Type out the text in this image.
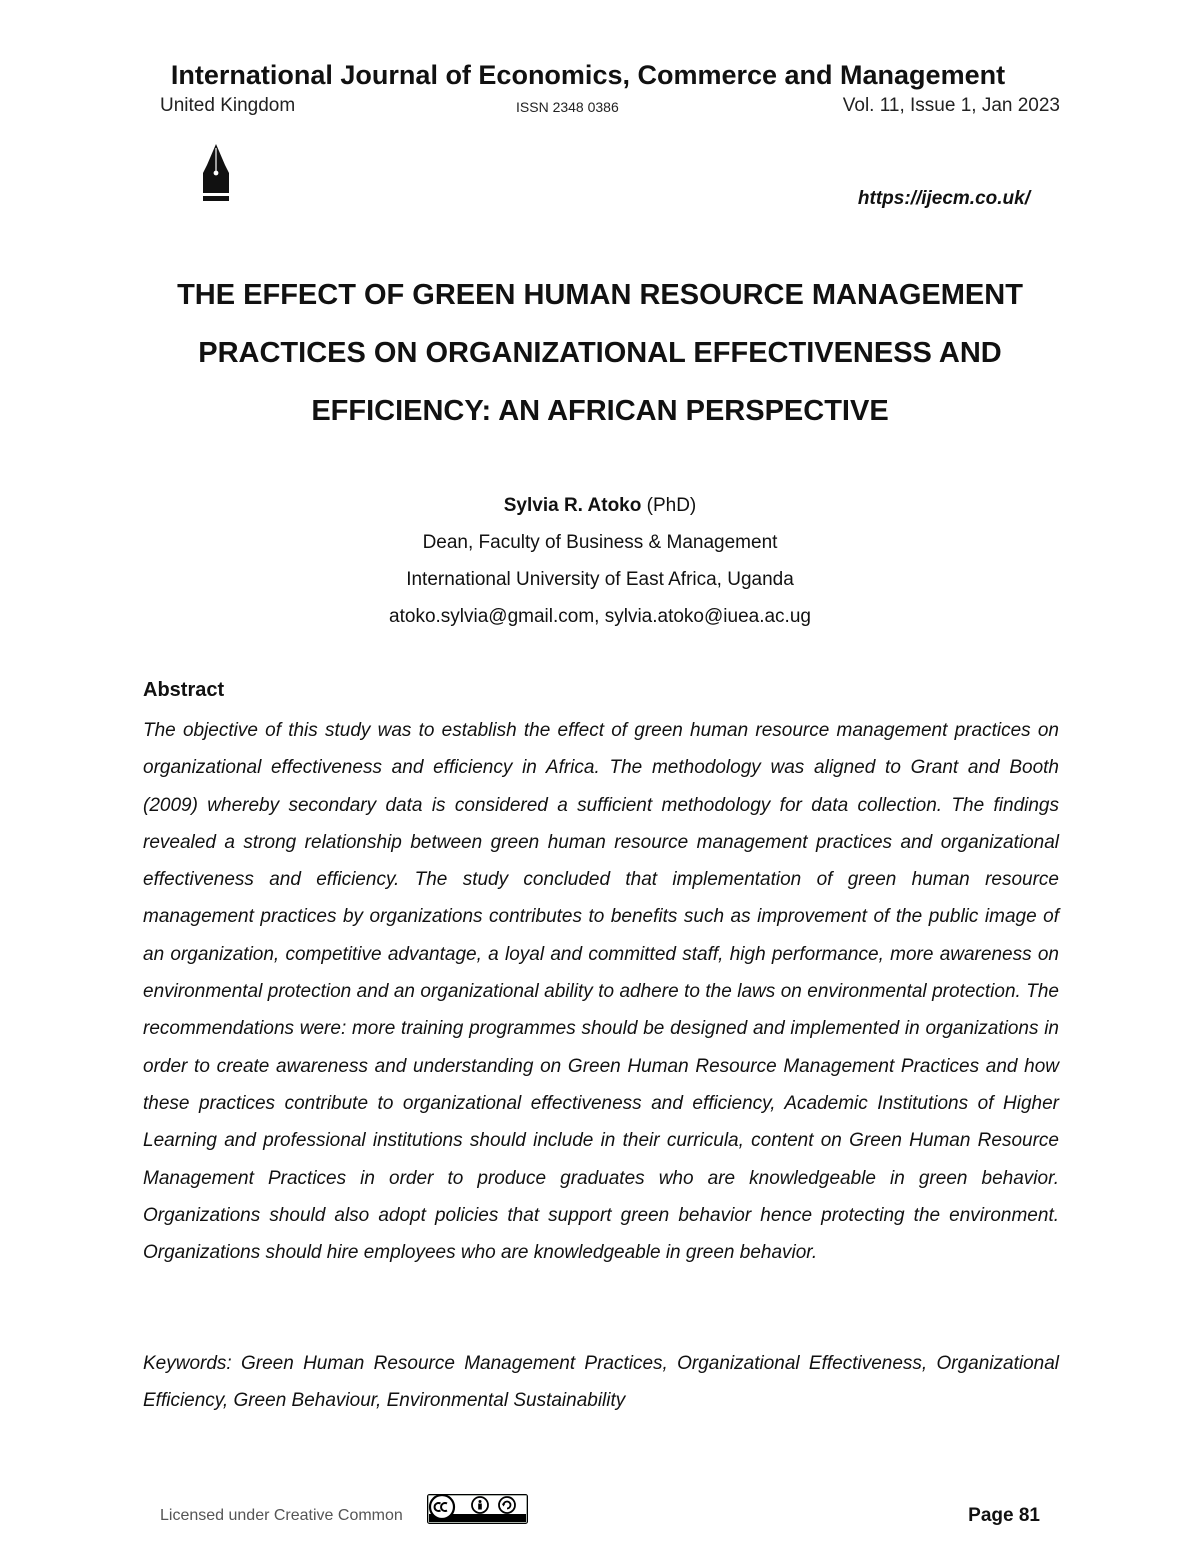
International Journal of Economics, Commerce and Management
United Kingdom	ISSN 2348 0386	Vol. 11, Issue 1, Jan 2023
https://ijecm.co.uk/
THE EFFECT OF GREEN HUMAN RESOURCE MANAGEMENT
PRACTICES ON ORGANIZATIONAL EFFECTIVENESS AND
EFFICIENCY: AN AFRICAN PERSPECTIVE
Sylvia R. Atoko (PhD)
Dean, Faculty of Business & Management
International University of East Africa, Uganda
atoko.sylvia@gmail.com, sylvia.atoko@iuea.ac.ug
Abstract
The objective of this study was to establish the effect of green human resource management practices on organizational effectiveness and efficiency in Africa. The methodology was aligned to Grant and Booth (2009) whereby secondary data is considered a sufficient methodology for data collection. The findings revealed a strong relationship between green human resource management practices and organizational effectiveness and efficiency. The study concluded that implementation of green human resource management practices by organizations contributes to benefits such as improvement of the public image of an organization, competitive advantage, a loyal and committed staff, high performance, more awareness on environmental protection and an organizational ability to adhere to the laws on environmental protection. The recommendations were: more training programmes should be designed and implemented in organizations in order to create awareness and understanding on Green Human Resource Management Practices and how these practices contribute to organizational effectiveness and efficiency, Academic Institutions of Higher Learning and professional institutions should include in their curricula, content on Green Human Resource Management Practices in order to produce graduates who are knowledgeable in green behavior. Organizations should also adopt policies that support green behavior hence protecting the environment. Organizations should hire employees who are knowledgeable in green behavior.
Keywords: Green Human Resource Management Practices, Organizational Effectiveness, Organizational Efficiency, Green Behaviour, Environmental Sustainability
Licensed under Creative Common	Page 81
